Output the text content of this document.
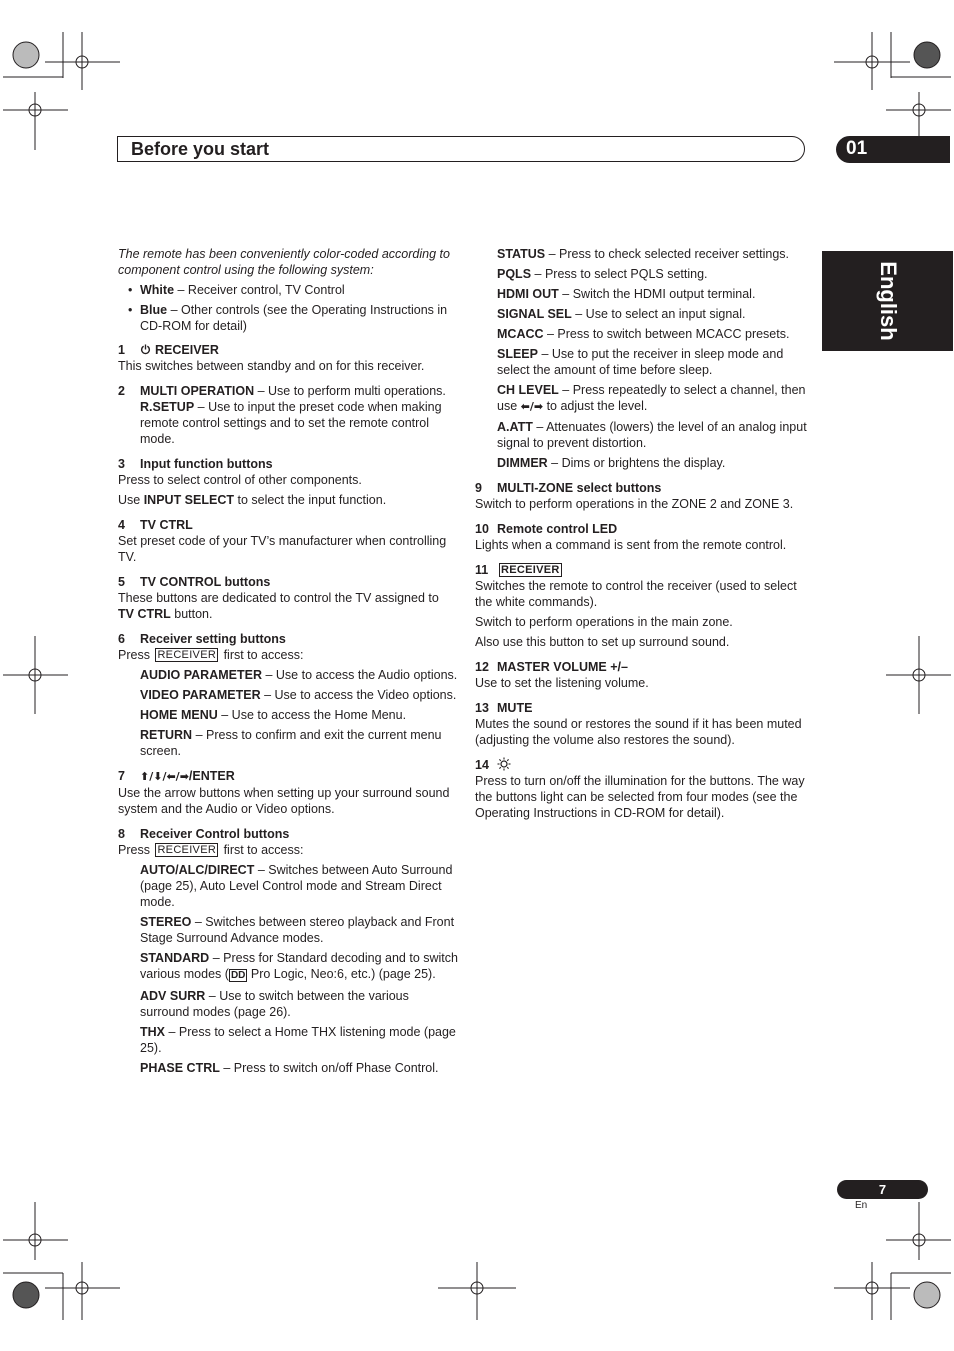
Before you start	01
English

The remote has been conveniently color-coded according to component control using the following system:

• White – Receiver control, TV Control
• Blue – Other controls (see the Operating Instructions in CD-ROM for detail)
1 RECEIVER

This switches between standby and on for this receiver.

2 MULTI OPERATION – Use to perform multi operations.

R.SETUP – Use to input the preset code when making remote control settings and to set the remote control mode.

3 Input function buttons

Press to select control of other components.

Use INPUT SELECT to select the input function.

4 TV CTRL

Set preset code of your TV’s manufacturer when controlling TV.

5 TV CONTROL buttons

These buttons are dedicated to control the TV assigned to TV CTRL button.

6 Receiver setting buttons

Press RECEIVER first to access:

AUDIO PARAMETER – Use to access the Audio options.

VIDEO PARAMETER – Use to access the Video options.

HOME MENU – Use to access the Home Menu.

RETURN – Press to confirm and exit the current menu screen.

7 ⬆/⬇/⬅/➡/ENTER

Use the arrow buttons when setting up your surround sound system and the Audio or Video options.

8 Receiver Control buttons

Press RECEIVER first to access:

AUTO/ALC/DIRECT – Switches between Auto Surround (page 25), Auto Level Control mode and Stream Direct mode.

STEREO – Switches between stereo playback and Front Stage Surround Advance modes.

STANDARD – Press for Standard decoding and to switch various modes ( DD Pro Logic, Neo:6, etc.) (page 25).

ADV SURR – Use to switch between the various surround modes (page 26).

THX – Press to select a Home THX listening mode (page 25).

PHASE CTRL – Press to switch on/off Phase Control.

STATUS – Press to check selected receiver settings.

PQLS – Press to select PQLS setting.

HDMI OUT – Switch the HDMI output terminal.

SIGNAL SEL – Use to select an input signal.

MCACC – Press to switch between MCACC presets.

SLEEP – Use to put the receiver in sleep mode and select the amount of time before sleep.

CH LEVEL – Press repeatedly to select a channel, then use ⬅/➡ to adjust the level.

A.ATT – Attenuates (lowers) the level of an analog input signal to prevent distortion.

DIMMER – Dims or brightens the display.

9 MULTI-ZONE select buttons

Switch to perform operations in the ZONE 2 and ZONE 3.

10 Remote control LED

Lights when a command is sent from the remote control.

11 RECEIVER

Switches the remote to control the receiver (used to select the white commands).

Switch to perform operations in the main zone.

Also use this button to set up surround sound.

12 MASTER VOLUME +/–

Use to set the listening volume.

13 MUTE

Mutes the sound or restores the sound if it has been muted (adjusting the volume also restores the sound).

14

Press to turn on/off the illumination for the buttons. The way the buttons light can be selected from four modes (see the Operating Instructions in CD-ROM for detail).

7
En
